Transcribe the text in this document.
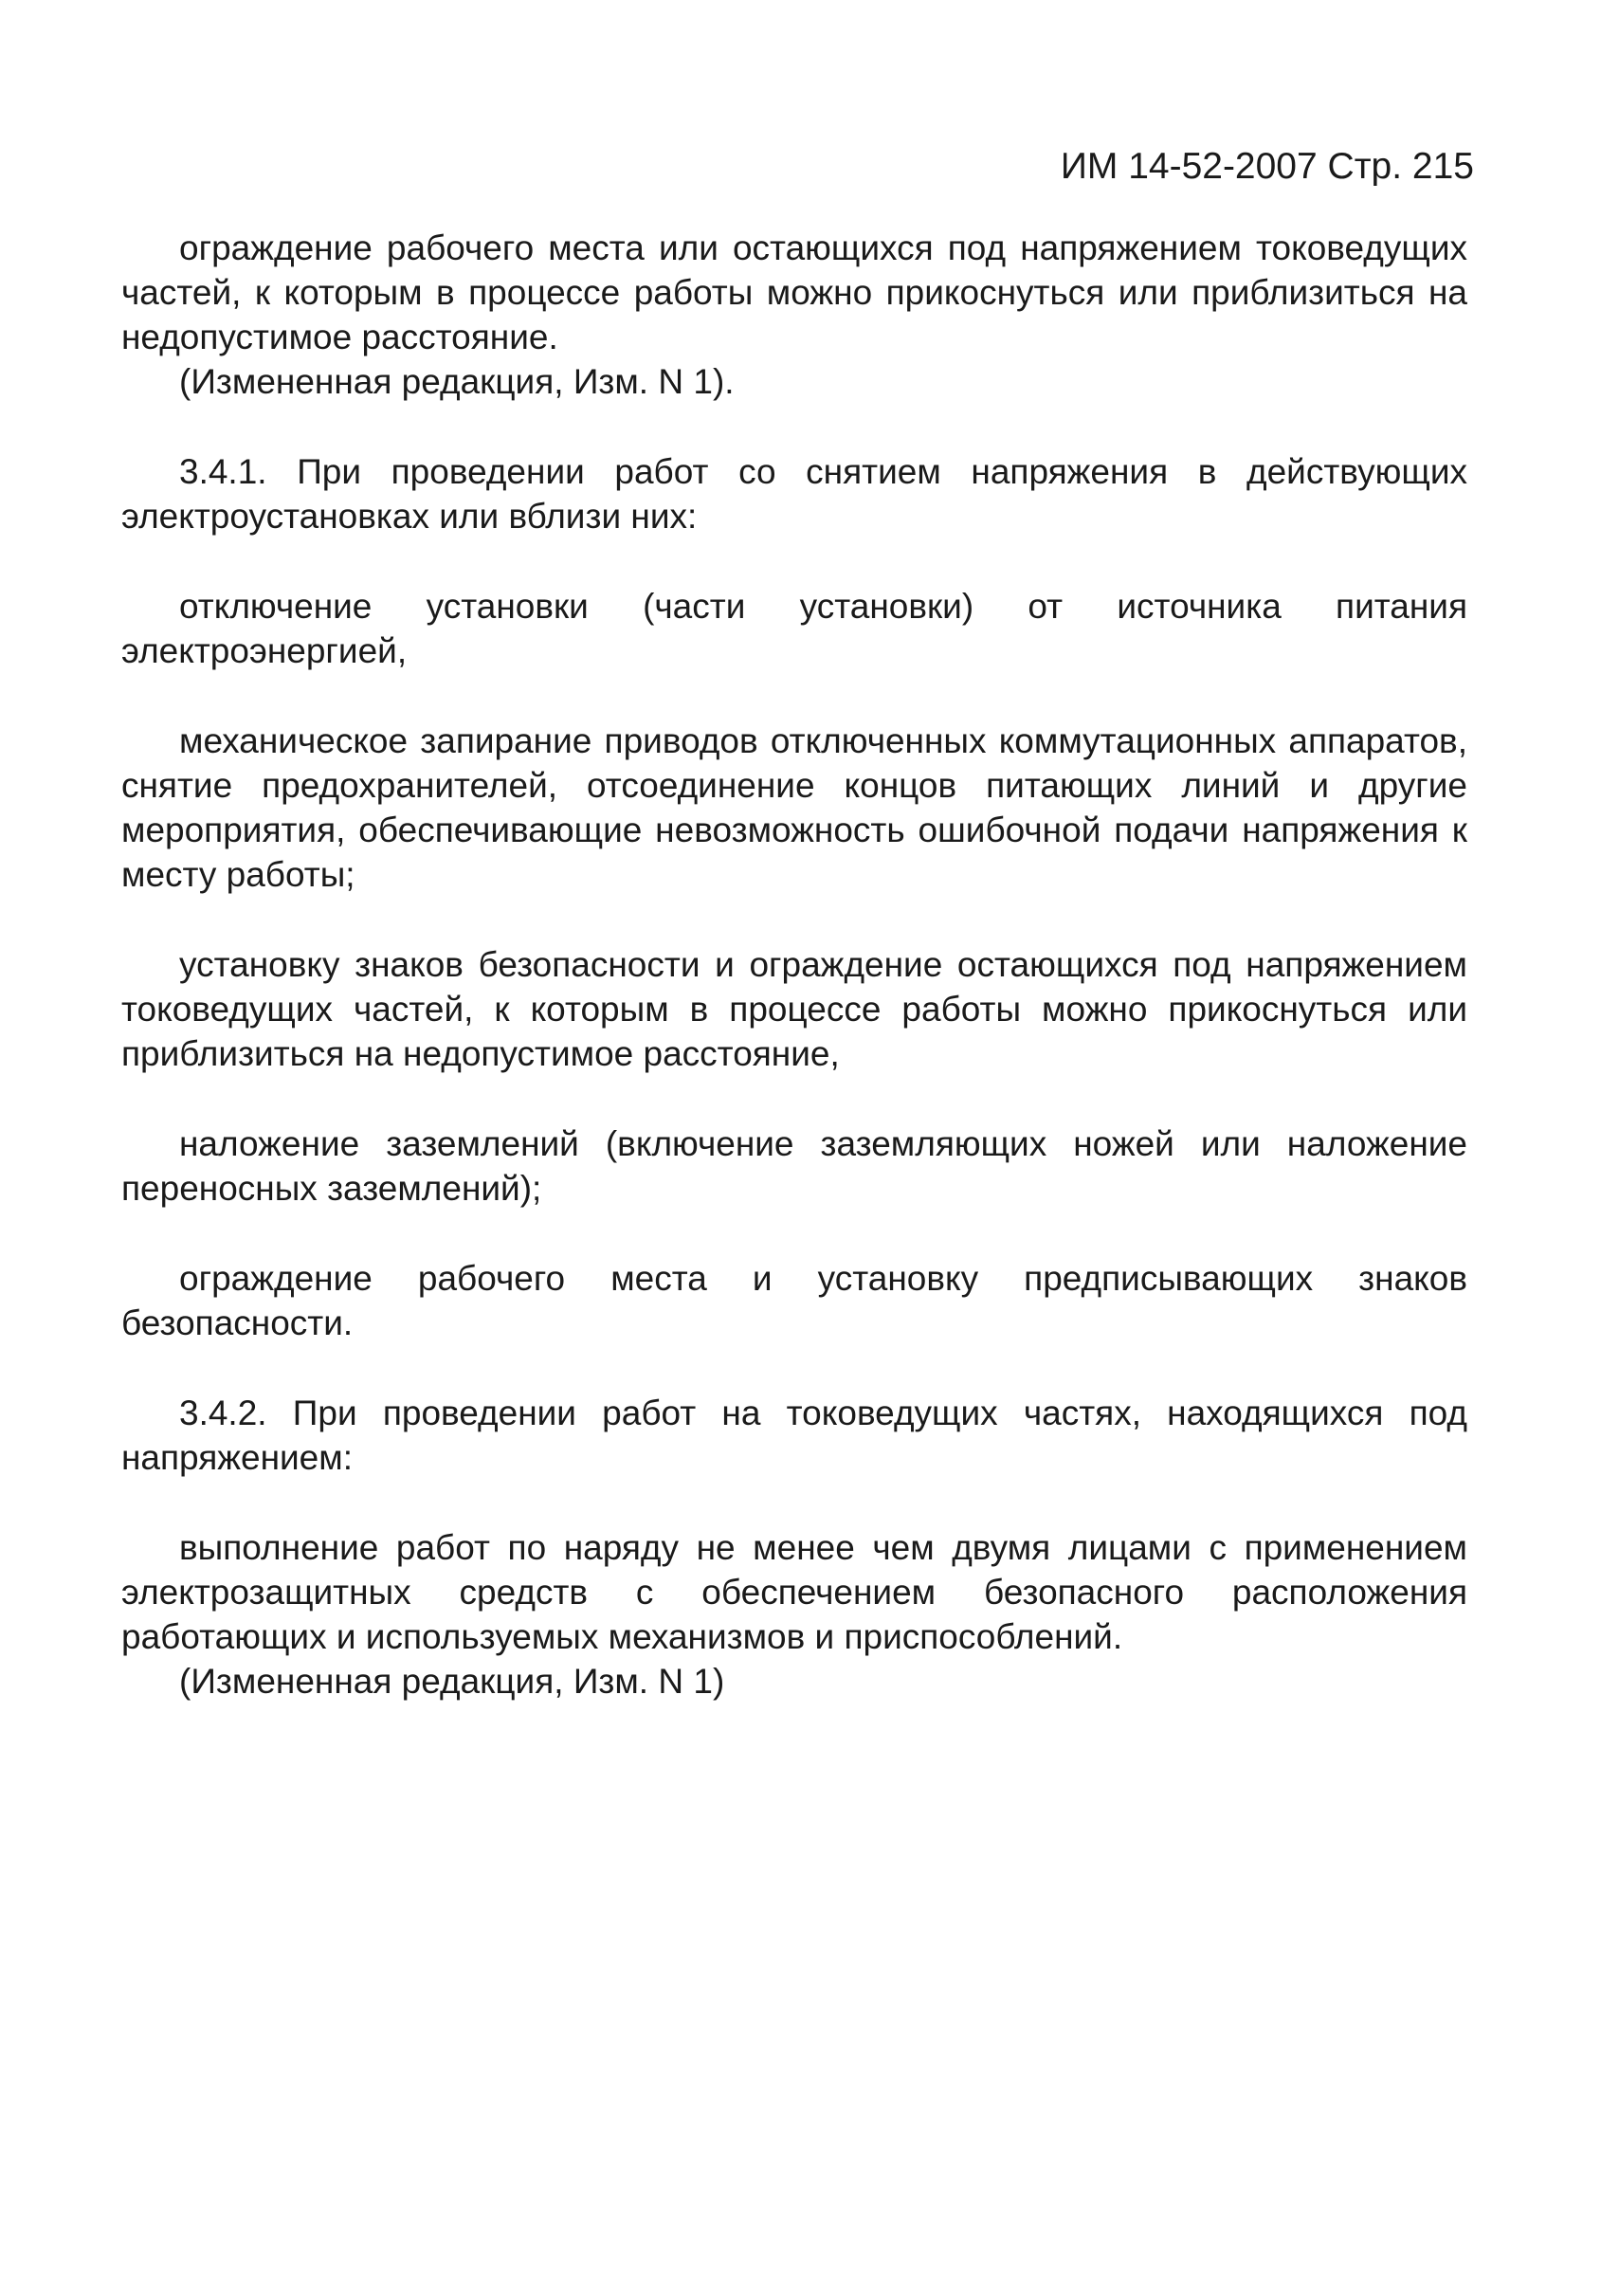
ИМ 14-52-2007 Стр. 215

ограждение рабочего места или остающихся под напряжением токоведущих частей, к которым в процессе работы можно прикоснуться или приблизиться на недопустимое расстояние.

(Измененная редакция, Изм. N 1).

3.4.1. При проведении работ со снятием напряжения в действующих электроустановках или вблизи них:

отключение установки (части установки) от источника питания электроэнергией,

механическое запирание приводов отключенных коммутационных аппаратов, снятие предохранителей, отсоединение концов питающих линий и другие мероприятия, обеспечивающие невозможность ошибочной подачи напряжения к месту работы;

установку знаков безопасности и ограждение остающихся под напряжением токоведущих частей, к которым в процессе работы можно прикоснуться или приблизиться на недопустимое расстояние,

наложение заземлений (включение заземляющих ножей или наложение переносных заземлений);

ограждение рабочего места и установку предписывающих знаков безопасности.

3.4.2. При проведении работ на токоведущих частях, находящихся под напряжением:

выполнение работ по наряду не менее чем двумя лицами с применением электрозащитных средств с обеспечением безопасного расположения работающих и используемых механизмов и приспособлений.

(Измененная редакция, Изм. N 1)
